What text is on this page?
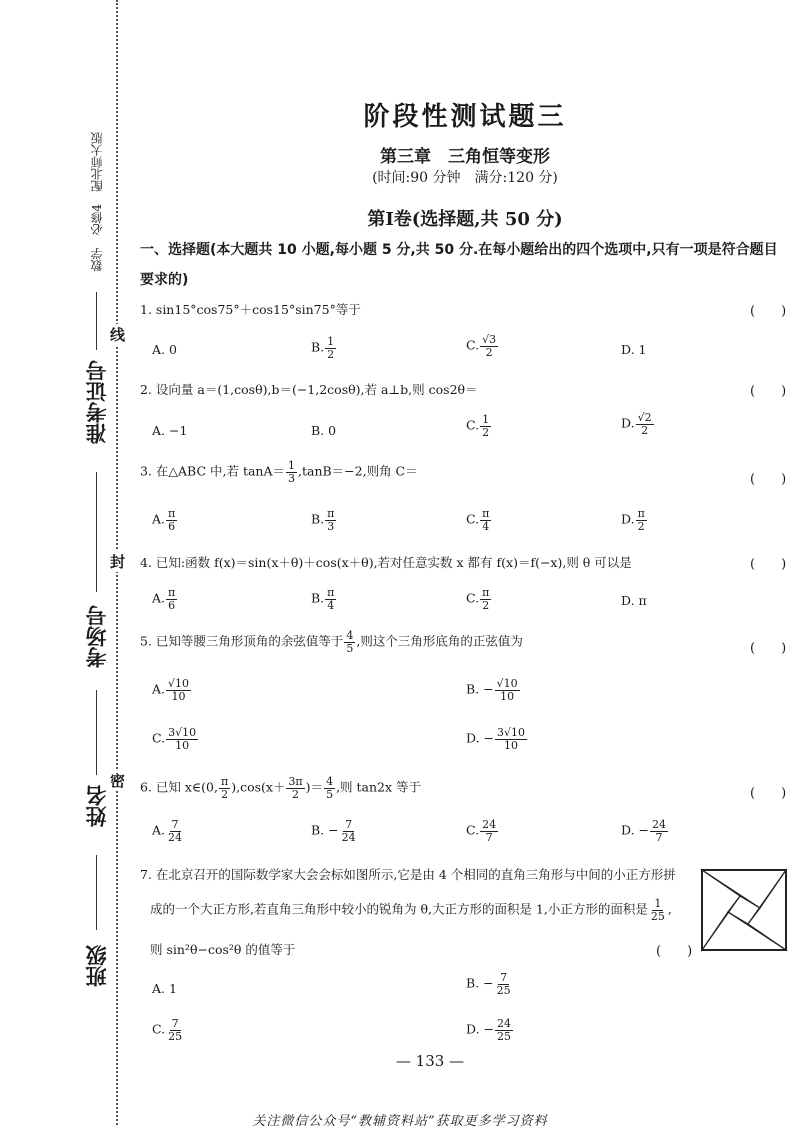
数学　必修4　配北师大版
准考证号
考场号
姓名
班级
线
封
密
阶段性测试题三
第三章　三角恒等变形
(时间:90 分钟　满分:120 分)
第Ⅰ卷(选择题,共 50 分)
一、选择题(本大题共 10 小题,每小题 5 分,共 50 分.在每小题给出的四个选项中,只有一项是符合题目要求的)
1. sin15°cos75°＋cos15°sin75°等于	(　　)
A. 0	B. $\frac{1}{2}$	C. $\frac{√3}{2}$	D. 1
2. 设向量 a＝(1,cosθ),b＝(−1,2cosθ),若 a⊥b,则 cos2θ＝	(　　)
A. −1	B. 0	C. $\frac{1}{2}$	D. $\frac{√2}{2}$
3. 在△ABC 中,若 $\tan A= \frac{1}{3} ,\tan B=-2$,则角 C＝
(　　)
A. $\frac{\pi}{6}$	B. $\frac{\pi}{3}$	C. $\frac{\pi}{4}$	D. $\frac{\pi}{2}$
4. 已知:函数 f(x)＝sin(x＋θ)＋cos(x＋θ),若对任意实数 x 都有 f(x)＝f(−x),则 θ 可以是	(　　)
A. $\frac{\pi}{6}$	B. $\frac{\pi}{4}$	C. $\frac{\pi}{2}$	D. π
5. 已知等腰三角形顶角的余弦值等于 $\frac{4}{5}$ ,则这个三角形底角的正弦值为	(　　)
A. $\frac{√10}{10}$	B. − $\frac{√10}{10}$
C. $\frac{3√10}{10}$	D. − $\frac{3√10}{10}$
6. 已知 x∈(0, $\frac{\pi}{2} ),\cos(x+ \frac{3\pi}{2}$ )＝ $\frac{4}{5}$ ,则 tan2x 等于	(　　)
A. $\frac{7}{24}$	B. − $\frac{7}{24}$	C. $\frac{24}{7}$	D. − $\frac{24}{7}$
7. 在北京召开的国际数学家大会会标如图所示,它是由 4 个相同的直角三角形与中间的小正方形拼
成的一个大正方形,若直角三角形中较小的锐角为 θ,大正方形的面积是 1,小正方形的面积是 $\frac{1}{25}$ ,
则 sin²θ−cos²θ 的值等于	(　　)
A. 1	B. − $\frac{7}{25}$
C. $\frac{7}{25}$	D. − $\frac{24}{25}$
— 133 —
关注微信公众号“教辅资料站”获取更多学习资料
